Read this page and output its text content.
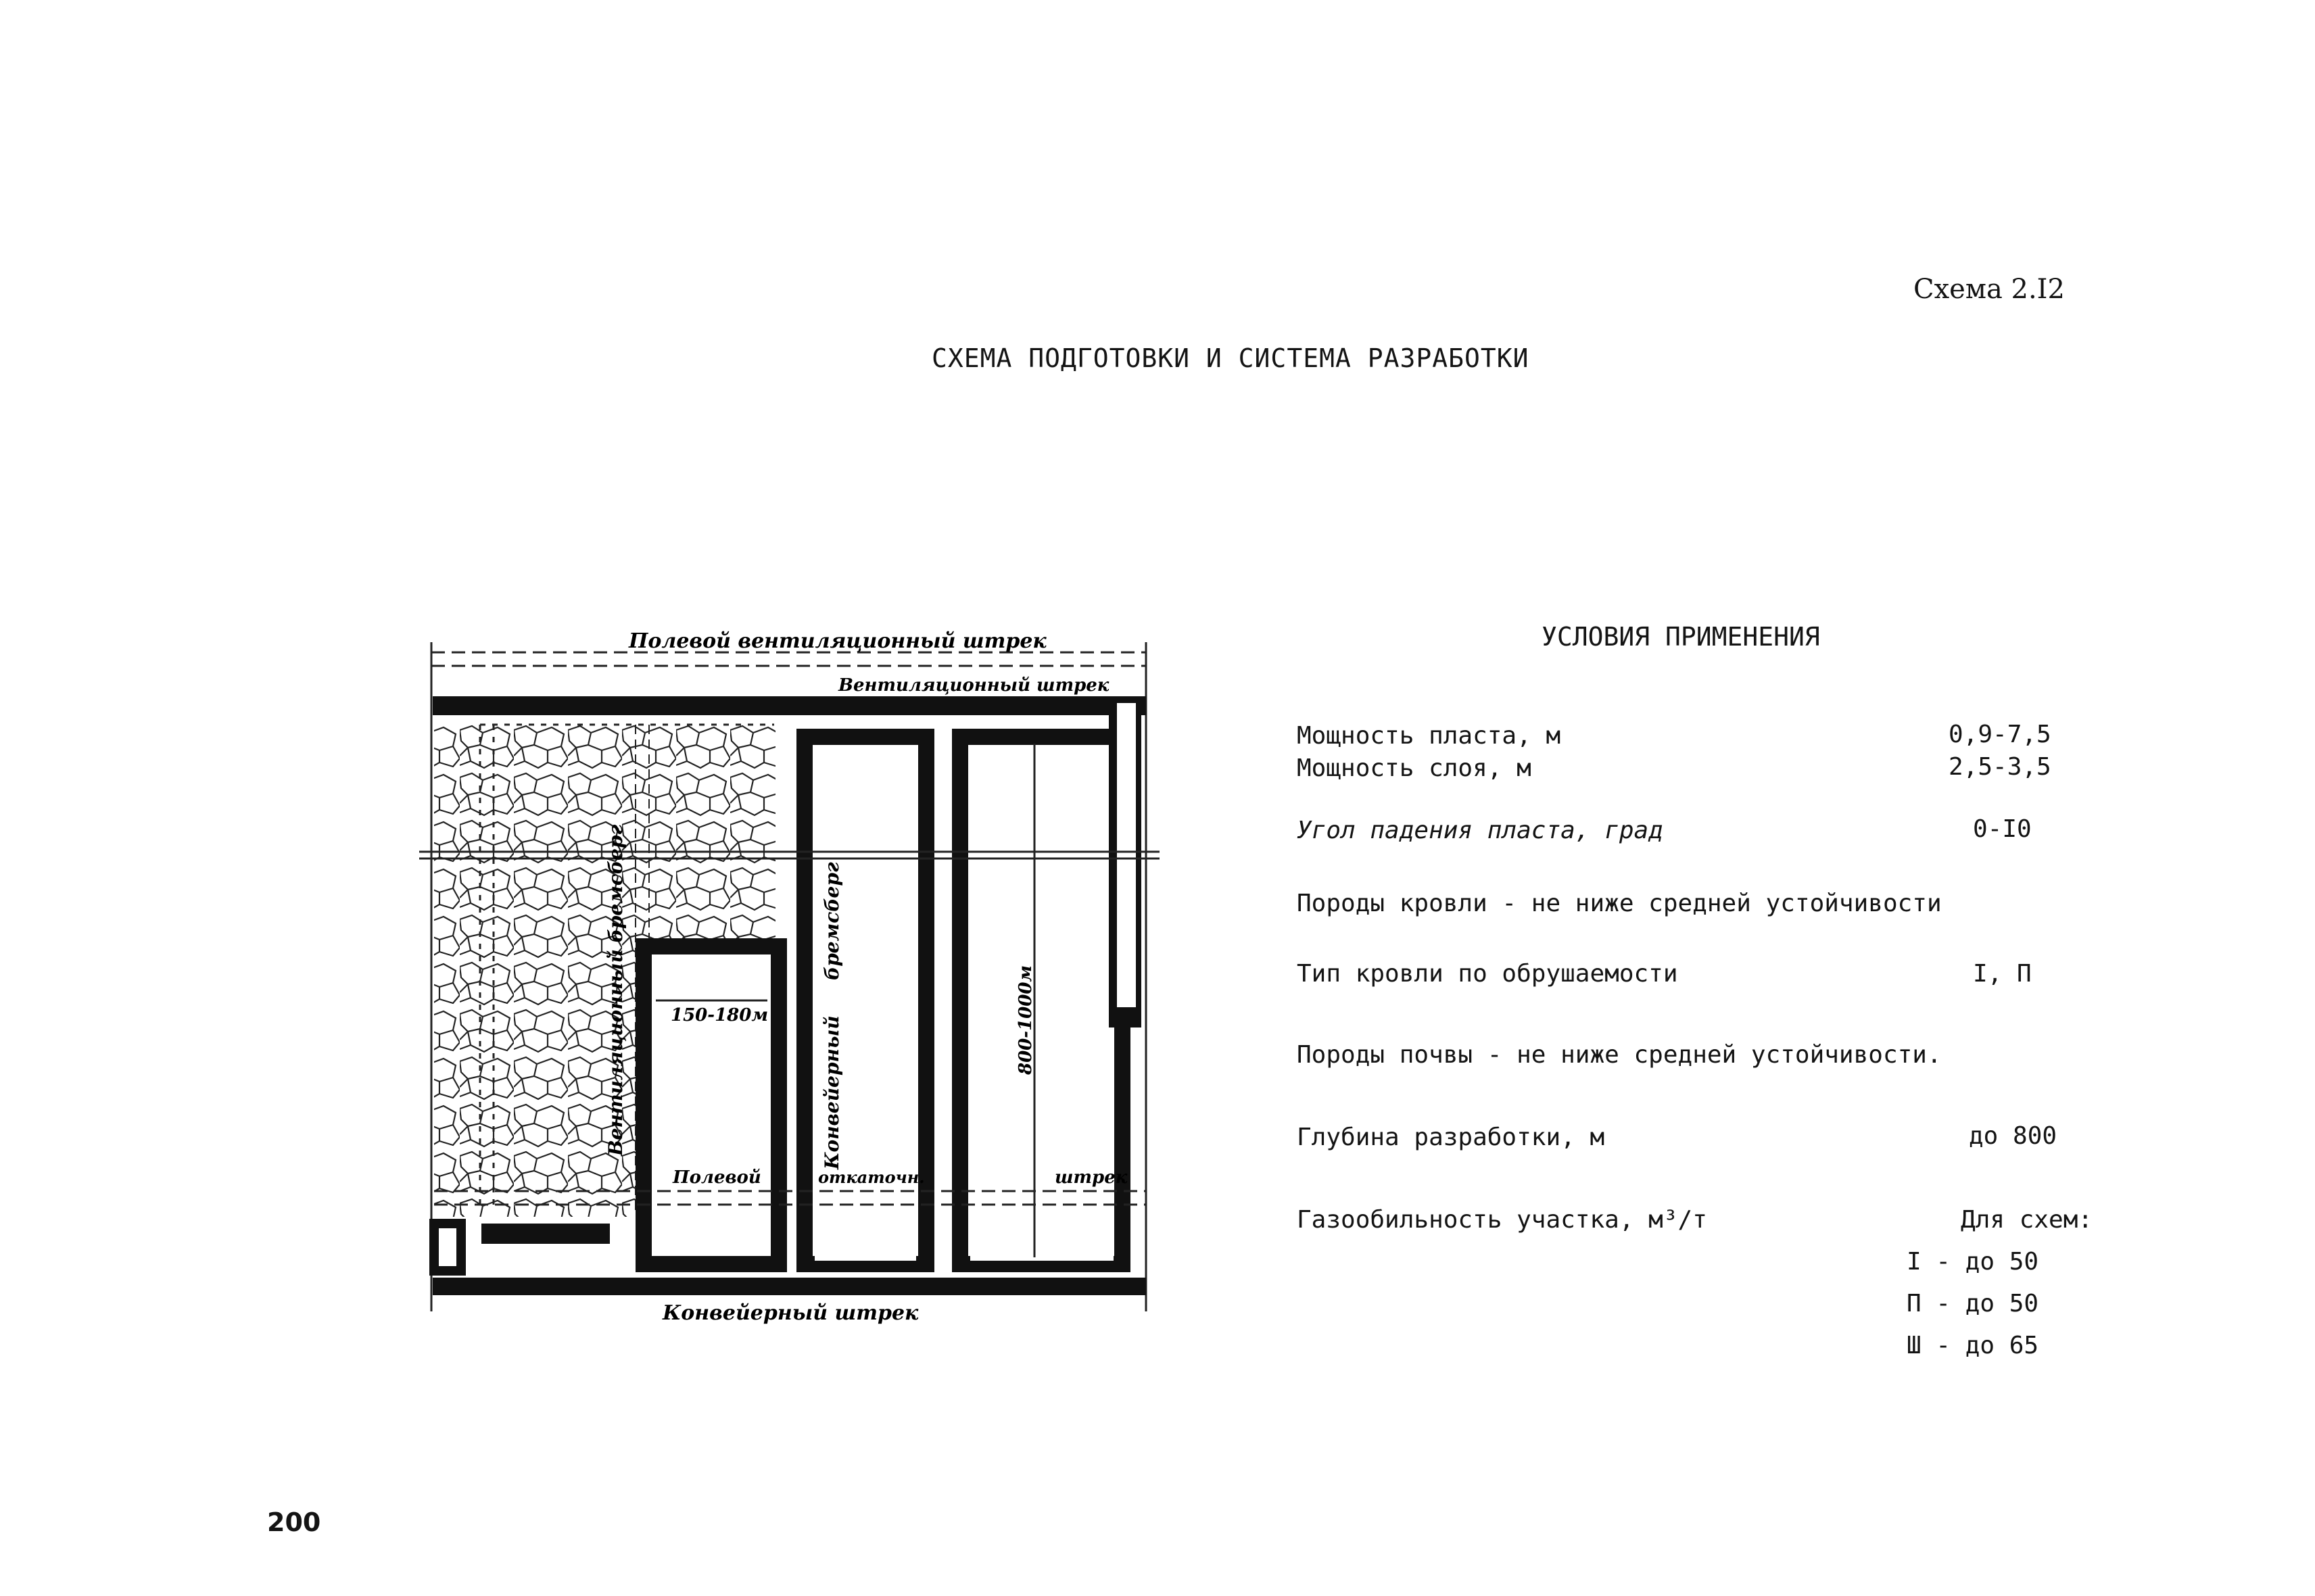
Схема 2.I2
СХЕМА ПОДГОТОВКИ И СИСТЕМА РАЗРАБОТКИ
Полевой вентиляционный штрек
Вентиляционный штрек
Вентиляционный бремсберг	бремсберг
Конвейерный
150-180м	800-1000м
Полевой	откаточн.	штрек
Конвейерный штрек
УСЛОВИЯ ПРИМЕНЕНИЯ
Мощность пласта, м	0,9-7,5
Мощность слоя, м	2,5-3,5
Угол падения пласта, град	0-I0
Породы кровли - не ниже средней устойчивости
Тип кровли по обрушаемости	I, П
Породы почвы - не ниже средней устойчивости.
Глубина разработки, м	до 800
Газообильность участка, м³/т	Для схем:
I - до 50
П - до 50
Ш - до 65
200
